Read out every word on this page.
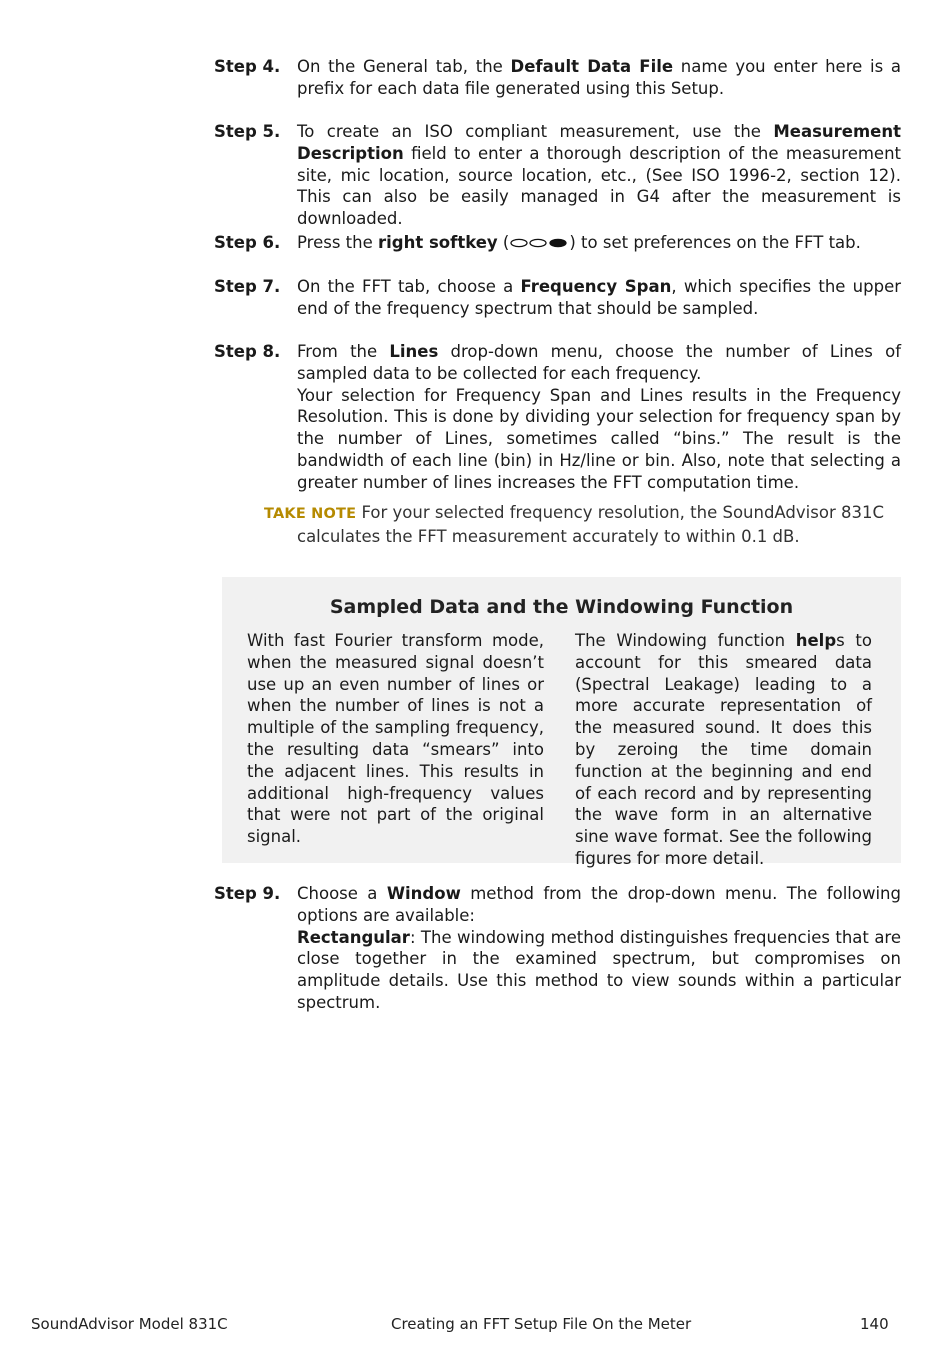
Step 4. On the General tab, the Default Data File name you enter here is a prefix for each data file generated using this Setup.
Step 5. To create an ISO compliant measurement, use the Measurement Description field to enter a thorough description of the measurement site, mic location, source location, etc., (See ISO 1996-2, section 12). This can also be easily managed in G4 after the measurement is downloaded.
Step 6. Press the right softkey (	) to set preferences on the FFT tab.
Step 7. On the FFT tab, choose a Frequency Span, which specifies the upper end of the frequency spectrum that should be sampled.
Step 8. From the Lines drop-down menu, choose the number of Lines of sampled data to be collected for each frequency.

Your selection for Frequency Span and Lines results in the Frequency Resolution. This is done by dividing your selection for frequency span by the number of Lines, sometimes called “bins.” The result is the bandwidth of each line (bin) in Hz/line or bin. Also, note that selecting a greater number of lines increases the FFT computation time.

TAKE NOTE For your selected frequency resolution, the SoundAdvisor 831C
calculates the FFT measurement accurately to within 0.1 dB.
Sampled Data and the Windowing Function

With fast Fourier transform mode, when the measured signal doesn’t use up an even number of lines or when the number of lines is not a multiple of the sampling frequency, the resulting data “smears” into the adjacent lines. This results in additional high-frequency values that were not part of the original signal.

The Windowing function helps to account for this smeared data (Spectral Leakage) leading to a more accurate representation of the measured sound. It does this by zeroing the time domain function at the beginning and end of each record and by representing the wave form in an alternative sine wave format. See the following figures for more detail.

Step 9. Choose a Window method from the drop-down menu. The following options are available:

Rectangular: The windowing method distinguishes frequencies that are close together in the examined spectrum, but compromises on amplitude details. Use this method to view sounds within a particular spectrum.

SoundAdvisor Model 831C	Creating an FFT Setup File On the Meter	140
